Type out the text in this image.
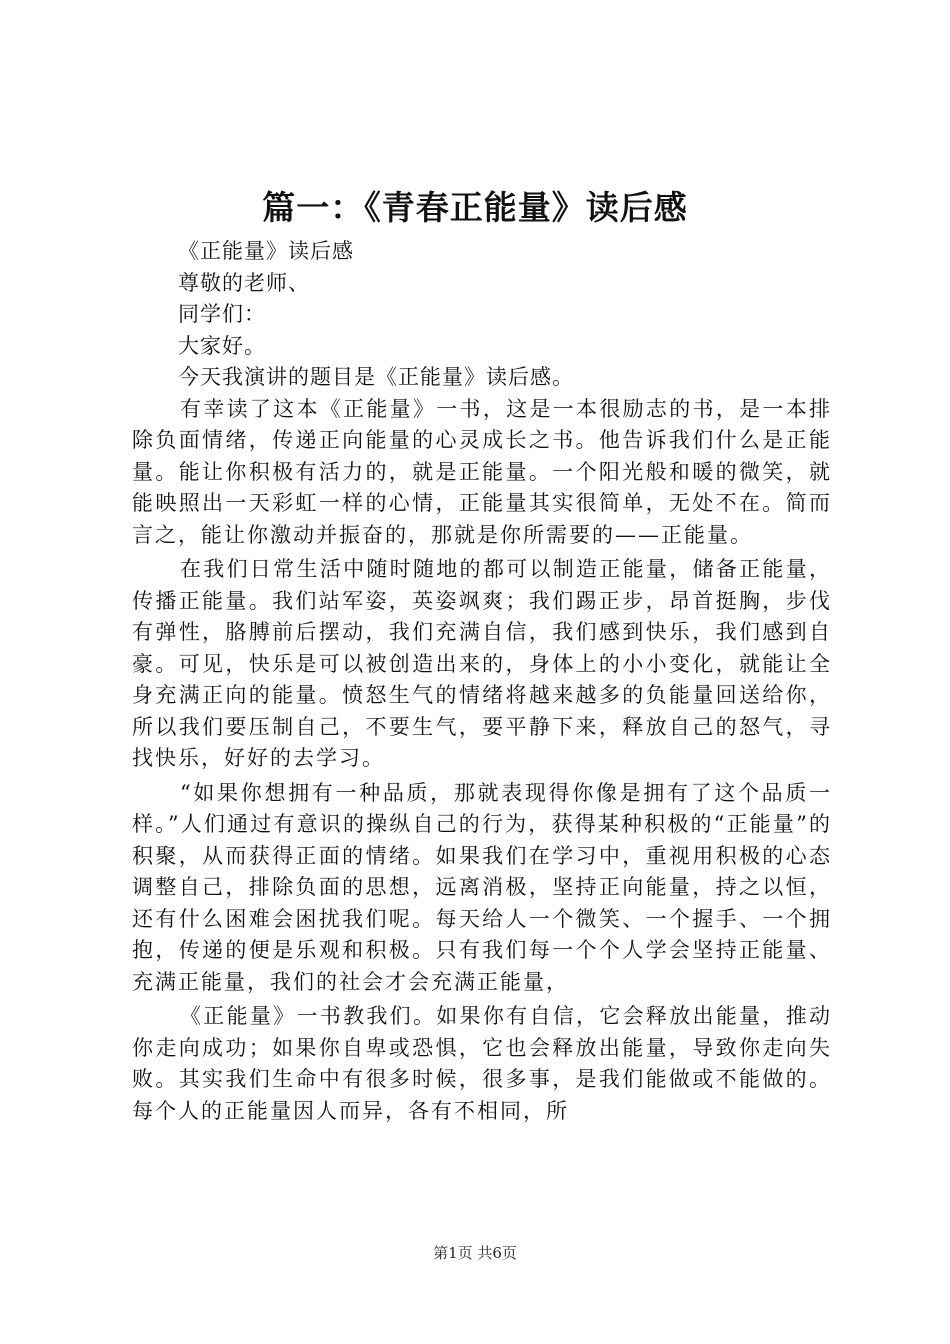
篇一：《青春正能量》读后感

《正能量》读后感

尊敬的老师、

同学们：

大家好。

今天我演讲的题目是《正能量》读后感。

有幸读了这本《正能量》一书，这是一本很励志的书，是一本排除负面情绪，传递正向能量的心灵成长之书。他告诉我们什么是正能量。能让你积极有活力的，就是正能量。一个阳光般和暖的微笑，就能映照出一天彩虹一样的心情，正能量其实很简单，无处不在。简而言之，能让你激动并振奋的，那就是你所需要的——正能量。

在我们日常生活中随时随地的都可以制造正能量，储备正能量，传播正能量。我们站军姿，英姿飒爽；我们踢正步，昂首挺胸，步伐有弹性，胳膊前后摆动，我们充满自信，我们感到快乐，我们感到自豪。可见，快乐是可以被创造出来的，身体上的小小变化，就能让全身充满正向的能量。愤怒生气的情绪将越来越多的负能量回送给你，所以我们要压制自己，不要生气，要平静下来，释放自己的怒气，寻找快乐，好好的去学习。

“如果你想拥有一种品质，那就表现得你像是拥有了这个品质一样。”人们通过有意识的操纵自己的行为，获得某种积极的“正能量”的积聚，从而获得正面的情绪。如果我们在学习中，重视用积极的心态调整自己，排除负面的思想，远离消极，坚持正向能量，持之以恒，还有什么困难会困扰我们呢。每天给人一个微笑、一个握手、一个拥抱，传递的便是乐观和积极。只有我们每一个个人学会坚持正能量、充满正能量，我们的社会才会充满正能量，

《正能量》一书教我们。如果你有自信，它会释放出能量，推动你走向成功；如果你自卑或恐惧，它也会释放出能量，导致你走向失败。其实我们生命中有很多时候，很多事，是我们能做或不能做的。每个人的正能量因人而异，各有不相同，所

第1页 共6页
